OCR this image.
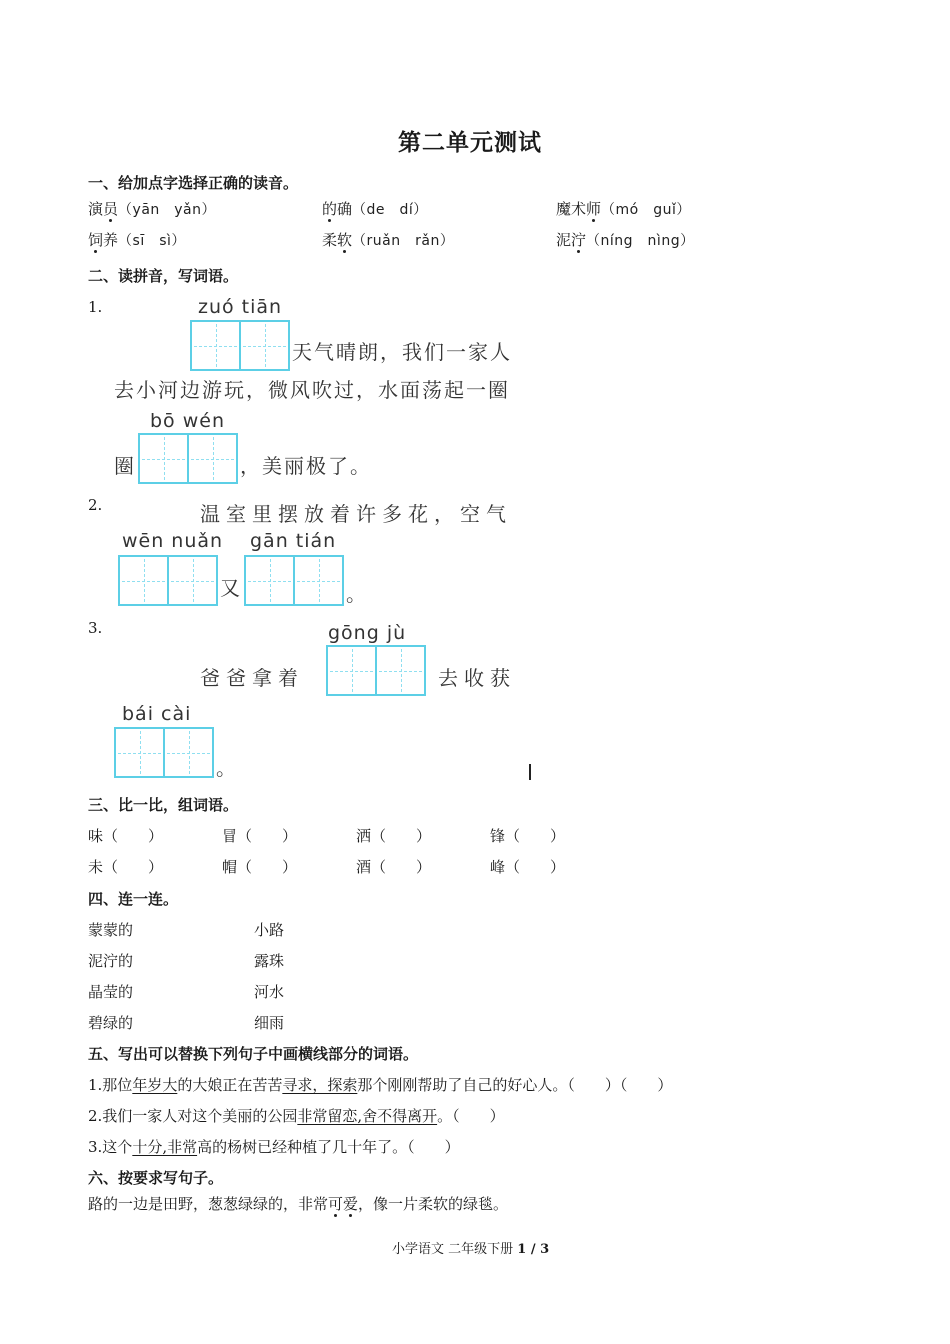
第二单元测试
一、给加点字选择正确的读音。
演员（yān　yǎn）	的确（de　dí）	魔术师（mó　guǐ）
饲养（sī　sì）	柔软（ruǎn　rǎn）	泥泞（níng　nìng）
二、读拼音，写词语。
1.	zuó tiān
天气晴朗，我们一家人
去小河边游玩，微风吹过，水面荡起一圈
bō wén
圈	，美丽极了。
2.	温室里摆放着许多花，空气
wēn nuǎn
又
gān tián
。
3.	gōng jù
爸爸拿着	去收获
bái cài
。
三、比一比，组词语。
味（　　）	冒（　　）	洒（　　）	锋（　　）
未（　　）	帽（　　）	酒（　　）	峰（　　）
四、连一连。
蒙蒙的	小路
泥泞的	露珠
晶莹的	河水
碧绿的	细雨
五、写出可以替换下列句子中画横线部分的词语。
1.那位年岁大的大娘正在苦苦寻求，探索那个刚刚帮助了自己的好心人。（　　）（　　）
2.我们一家人对这个美丽的公园非常留恋,舍不得离开。（　　）
3.这个十分,非常高的杨树已经种植了几十年了。（　　）
六、按要求写句子。
路的一边是田野，葱葱绿绿的，非常可爱，像一片柔软的绿毯。
小学语文 二年级下册 1 / 3
